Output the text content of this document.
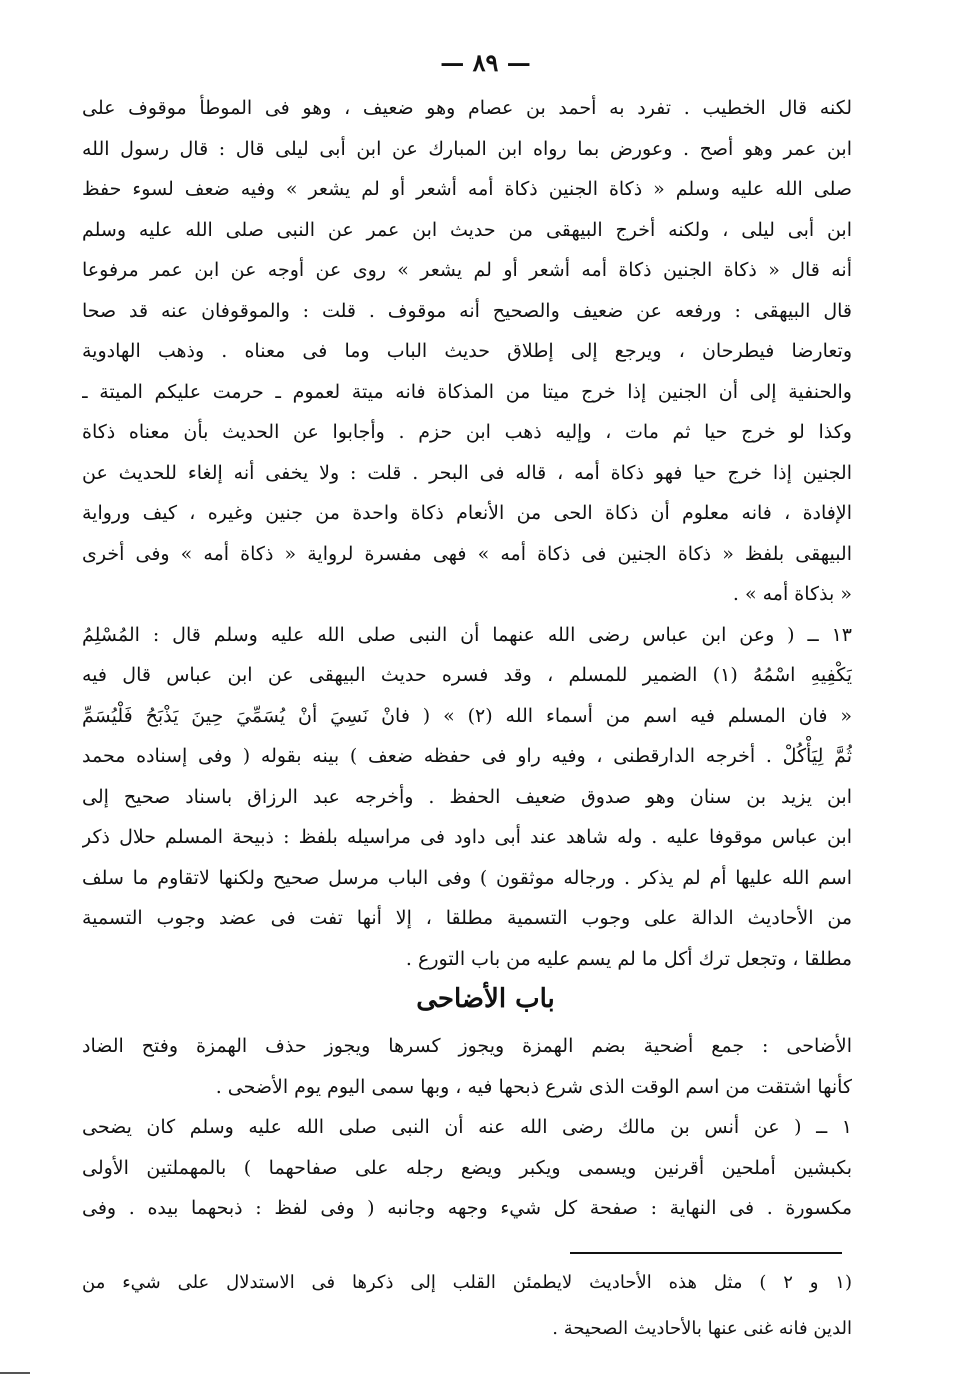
— ٨٩ —
لكنه قال الخطيب . تفرد به أحمد بن عصام وهو ضعيف ، وهو فى الموطأ موقوف على
ابن عمر وهو أصح . وعورض بما رواه ابن المبارك عن ابن أبى ليلى قال : قال رسول الله
صلى الله عليه وسلم « ذكاة الجنين ذكاة أمه أشعر أو لم يشعر » وفيه ضعف لسوء حفظ
ابن أبى ليلى ، ولكنه أخرج البيهقى من حديث ابن عمر عن النبى صلى الله عليه وسلم
أنه قال « ذكاة الجنين ذكاة أمه أشعر أو لم يشعر » روى عن أوجه عن ابن عمر مرفوعا
قال البيهقى : ورفعه عن ضعيف والصحيح أنه موقوف . قلت : والموقوفان عنه قد صحا
وتعارضا فيطرحان ، ويرجع إلى إطلاق حديث الباب وما فى معناه . وذهب الهادوية
والحنفية إلى أن الجنين إذا خرج ميتا من المذكاة فانه ميتة لعموم ـ حرمت عليكم الميتة ـ
وكذا لو خرج حيا ثم مات ، وإليه ذهب ابن حزم . وأجابوا عن الحديث بأن معناه ذكاة
الجنين إذا خرج حيا فهو ذكاة أمه ، قاله فى البحر . قلت : ولا يخفى أنه إلغاء للحديث عن
الإفادة ، فانه معلوم أن ذكاة الحى من الأنعام ذكاة واحدة من جنين وغيره ، كيف ورواية
البيهقى بلفظ « ذكاة الجنين فى ذكاة أمه » فهى مفسرة لرواية « ذكاة أمه » وفى أخرى
« بذكاة أمه » .
١٣ ــ ( وعن ابن عباس رضى الله عنهما أن النبى صلى الله عليه وسلم قال : المُسْلِمُ
يَكْفِيهِ اسْمُهُ (١) الضمير للمسلم ، وقد فسره حديث البيهقى عن ابن عباس قال فيه
« فان المسلم فيه اسم من أسماء الله (٢) » ( فانْ نَسِيَ أنْ يُسَمِّيَ حِينَ يَذْبَحُ فَلْيُسَمِّ
ثُمَّ لِيَأْكُلْ . أخرجه الدارقطنى ، وفيه راو فى حفظه ضعف ) بينه بقوله ( وفى إسناده محمد
ابن يزيد بن سنان وهو صدوق ضعيف الحفظ . وأخرجه عبد الرزاق باسناد صحيح إلى
ابن عباس موقوفا عليه . وله شاهد عند أبى داود فى مراسيله بلفظ : ذبيحة المسلم حلال ذكر
اسم الله عليها أم لم يذكر . ورجاله موثقون ) وفى الباب مرسل صحيح ولكنها لاتقاوم ما سلف
من الأحاديث الدالة على وجوب التسمية مطلقا ، إلا أنها تفت فى عضد وجوب التسمية
مطلقا ، وتجعل ترك أكل ما لم يسم عليه من باب التورع .
باب الأضاحى
الأضاحى : جمع أضحية بضم الهمزة ويجوز كسرها ويجوز حذف الهمزة وفتح الضاد
كأنها اشتقت من اسم الوقت الذى شرع ذبحها فيه ، وبها سمى اليوم يوم الأضحى .
١ ــ ( عن أنس بن مالك رضى الله عنه أن النبى صلى الله عليه وسلم كان يضحى
بكبشين أملحين أقرنين ويسمى ويكبر ويضع رجله على صفاحهما ) بالمهملتين الأولى
مكسورة . فى النهاية : صفحة كل شيء وجهه وجانبه ( وفى لفظ : ذبحهما بيده . وفى
(١ و ٢ ) مثل هذه الأحاديث لايطمئن القلب إلى ذكرها فى الاستدلال على شيء من
الدين فانه غنى عنها بالأحاديث الصحيحة .
